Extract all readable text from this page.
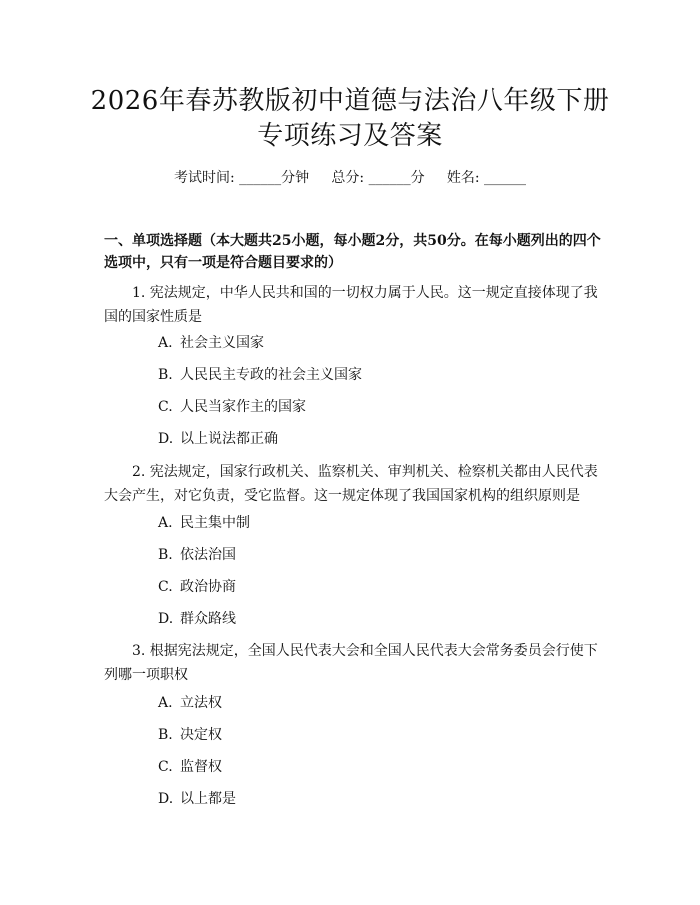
2026年春苏教版初中道德与法治八年级下册
专项练习及答案
考试时间: ______分钟     总分: ______分     姓名: ______
一、单项选择题（本大题共25小题，每小题2分，共50分。在每小题列出的四个选项中，只有一项是符合题目要求的）
1. 宪法规定，中华人民共和国的一切权力属于人民。这一规定直接体现了我国的国家性质是
A. 社会主义国家
B. 人民民主专政的社会主义国家
C. 人民当家作主的国家
D. 以上说法都正确
2. 宪法规定，国家行政机关、监察机关、审判机关、检察机关都由人民代表大会产生，对它负责，受它监督。这一规定体现了我国国家机构的组织原则是
A. 民主集中制
B. 依法治国
C. 政治协商
D. 群众路线
3. 根据宪法规定，全国人民代表大会和全国人民代表大会常务委员会行使下列哪一项职权
A. 立法权
B. 决定权
C. 监督权
D. 以上都是
